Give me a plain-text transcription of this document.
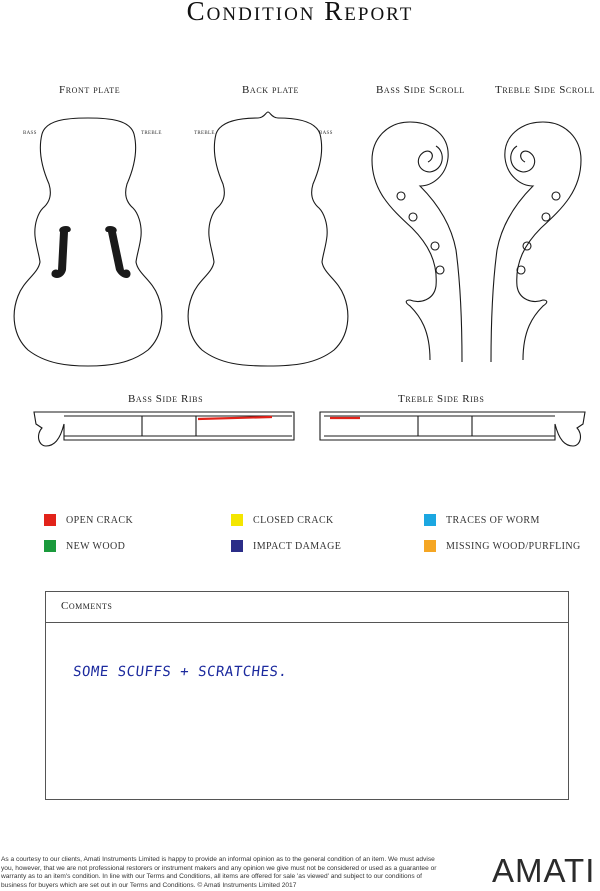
Condition Report
Front plate	Back plate	Bass Side Scroll	Treble Side Scroll
bass	treble	treble	bass
Bass Side Ribs	Treble Side Ribs
OPEN CRACK	CLOSED CRACK	TRACES OF WORM
NEW WOOD	IMPACT DAMAGE	MISSING WOOD/PURFLING
Comments
SOME SCUFFS + SCRATCHES.
As a courtesy to our clients, Amati Instruments Limited is happy to provide an informal opinion as to the general condition of an item. We must advise you, however, that we are not professional restorers or instrument makers and any opinion we give must not be considered or used as a guarantee or warranty as to an item's condition. In line with our Terms and Conditions, all items are offered for sale 'as viewed' and subject to our conditions of business for buyers which are set out in our Terms and Conditions. © Amati Instruments Limited 2017	AMATI
